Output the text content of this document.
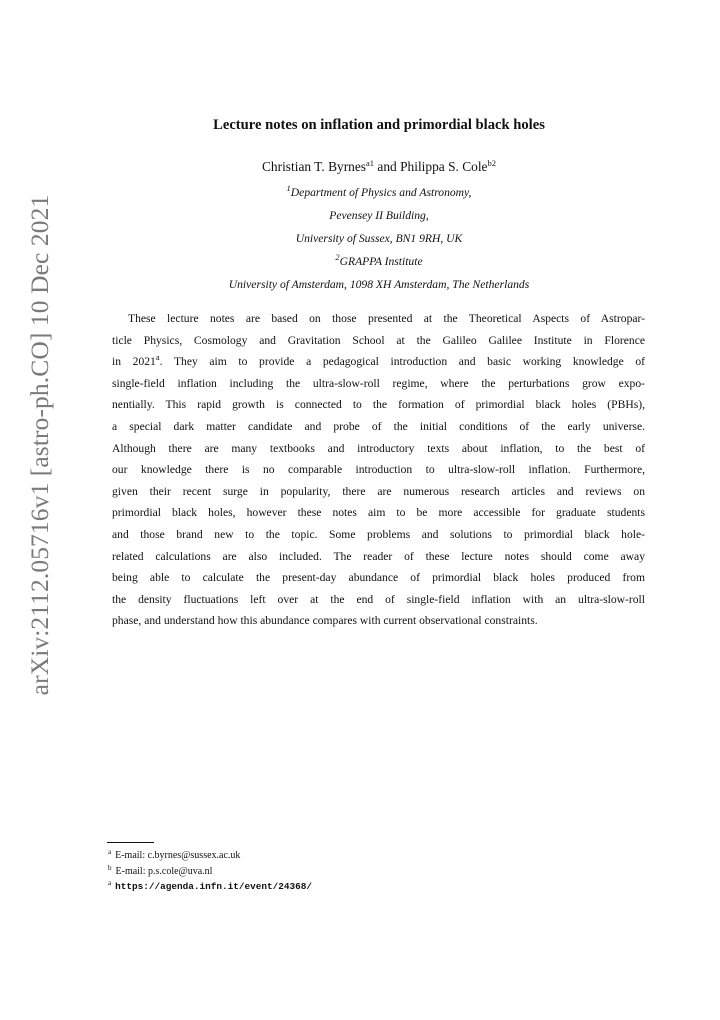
arXiv:2112.05716v1 [astro-ph.CO] 10 Dec 2021
Lecture notes on inflation and primordial black holes
Christian T. Byrnes$^{a1}$ and Philippa S. Cole$^{b2}$
$^1$Department of Physics and Astronomy,
Pevensey II Building,
University of Sussex, BN1 9RH, UK
$^2$GRAPPA Institute
University of Amsterdam, 1098 XH Amsterdam, The Netherlands
These lecture notes are based on those presented at the Theoretical Aspects of Astropar-
ticle Physics, Cosmology and Gravitation School at the Galileo Galilee Institute in Florence
in 2021$^a$. They aim to provide a pedagogical introduction and basic working knowledge of
single-field inflation including the ultra-slow-roll regime, where the perturbations grow expo-
nentially. This rapid growth is connected to the formation of primordial black holes (PBHs),
a special dark matter candidate and probe of the initial conditions of the early universe.
Although there are many textbooks and introductory texts about inflation, to the best of
our knowledge there is no comparable introduction to ultra-slow-roll inflation. Furthermore,
given their recent surge in popularity, there are numerous research articles and reviews on
primordial black holes, however these notes aim to be more accessible for graduate students
and those brand new to the topic. Some problems and solutions to primordial black hole-
related calculations are also included. The reader of these lecture notes should come away
being able to calculate the present-day abundance of primordial black holes produced from
the density fluctuations left over at the end of single-field inflation with an ultra-slow-roll
phase, and understand how this abundance compares with current observational constraints.
$^a$ E-mail: c.byrnes@sussex.ac.uk
$^b$ E-mail: p.s.cole@uva.nl
$^a$ https://agenda.infn.it/event/24368/
